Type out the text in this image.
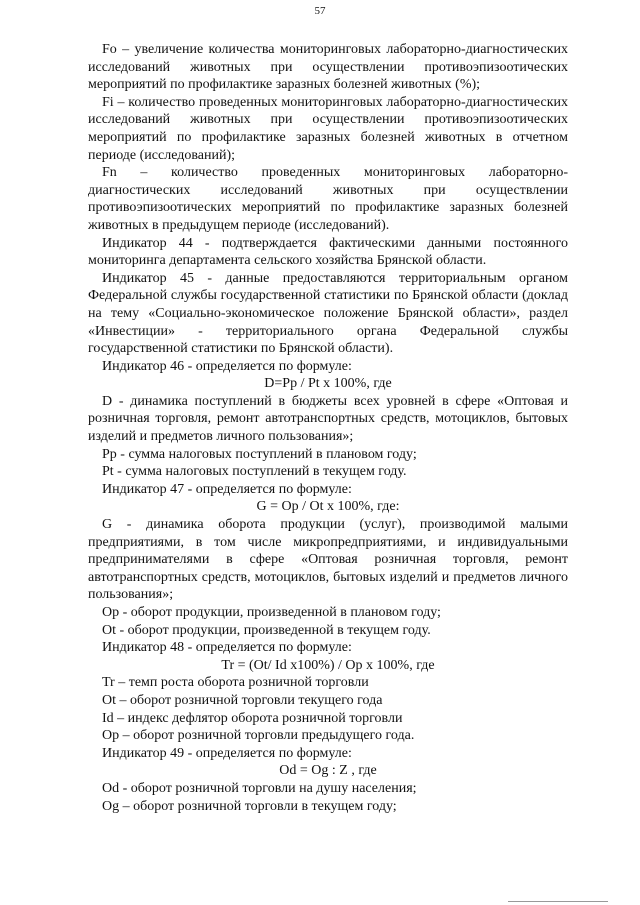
57

Fo – увеличение количества мониторинговых лабораторно-диагностических исследований животных при осуществлении противоэпизоотических мероприятий по профилактике заразных болезней животных (%);

Fi – количество проведенных мониторинговых лабораторно-диагностических исследований животных при осуществлении противоэпизоотических мероприятий по профилактике заразных болезней животных в отчетном периоде (исследований);

Fn – количество проведенных мониторинговых лабораторно-диагностических исследований животных при осуществлении противоэпизоотических мероприятий по профилактике заразных болезней животных в предыдущем периоде (исследований).

Индикатор 44 - подтверждается фактическими данными постоянного мониторинга департамента сельского хозяйства Брянской области.

Индикатор 45 - данные предоставляются территориальным органом Федеральной службы государственной статистики по Брянской области (доклад на тему «Социально-экономическое положение Брянской области», раздел «Инвестиции» - территориального органа Федеральной службы государственной статистики по Брянской области).

Индикатор 46 - определяется по формуле:

D=Pp / Pt x 100%, где

D - динамика поступлений в бюджеты всех уровней в сфере «Оптовая и розничная торговля, ремонт автотранспортных средств, мотоциклов, бытовых изделий и предметов личного пользования»;

Pp - сумма налоговых поступлений в плановом году;

Pt - сумма налоговых поступлений в текущем году.

Индикатор 47 - определяется по формуле:

G = Op / Ot x 100%, где:

G - динамика оборота продукции (услуг), производимой малыми предприятиями, в том числе микропредприятиями, и индивидуальными предпринимателями в сфере «Оптовая розничная торговля, ремонт автотранспортных средств, мотоциклов, бытовых изделий и предметов личного пользования»;

Op - оборот продукции, произведенной в плановом году;

Ot - оборот продукции, произведенной в текущем году.

Индикатор 48 - определяется по формуле:

Tr = (Ot/ Id x100%) / Op x 100%, где

Tr – темп роста оборота розничной торговли

Ot – оборот розничной торговли текущего года

Id – индекс дефлятор оборота розничной торговли

Op – оборот розничной торговли предыдущего года.

Индикатор 49 - определяется по формуле:

Od = Og : Z , где

Od - оборот розничной торговли на душу населения;

Og – оборот розничной торговли в текущем году;
